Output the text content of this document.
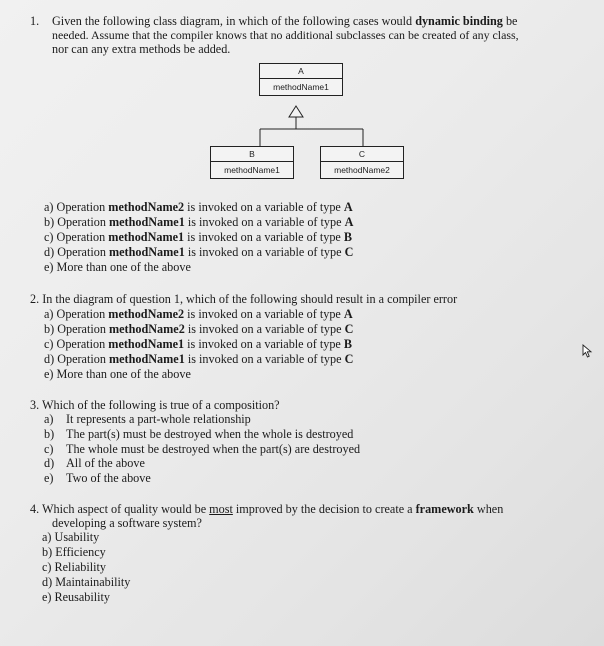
1. Given the following class diagram, in which of the following cases would dynamic binding be
needed. Assume that the compiler knows that no additional subclasses can be created of any class,
nor can any extra methods be added.
A
methodName1
B
methodName1
C
methodName2
a) Operation methodName2 is invoked on a variable of type A
b) Operation methodName1 is invoked on a variable of type A
c) Operation methodName1 is invoked on a variable of type B
d) Operation methodName1 is invoked on a variable of type C
e) More than one of the above
2. In the diagram of question 1, which of the following should result in a compiler error
a) Operation methodName2 is invoked on a variable of type A
b) Operation methodName2 is invoked on a variable of type C
c) Operation methodName1 is invoked on a variable of type B
d) Operation methodName1 is invoked on a variable of type C
e) More than one of the above
3. Which of the following is true of a composition?
a) It represents a part-whole relationship
b) The part(s) must be destroyed when the whole is destroyed
c) The whole must be destroyed when the part(s) are destroyed
d) All of the above
e) Two of the above
4. Which aspect of quality would be most improved by the decision to create a framework when
developing a software system?
a) Usability
b) Efficiency
c) Reliability
d) Maintainability
e) Reusability
